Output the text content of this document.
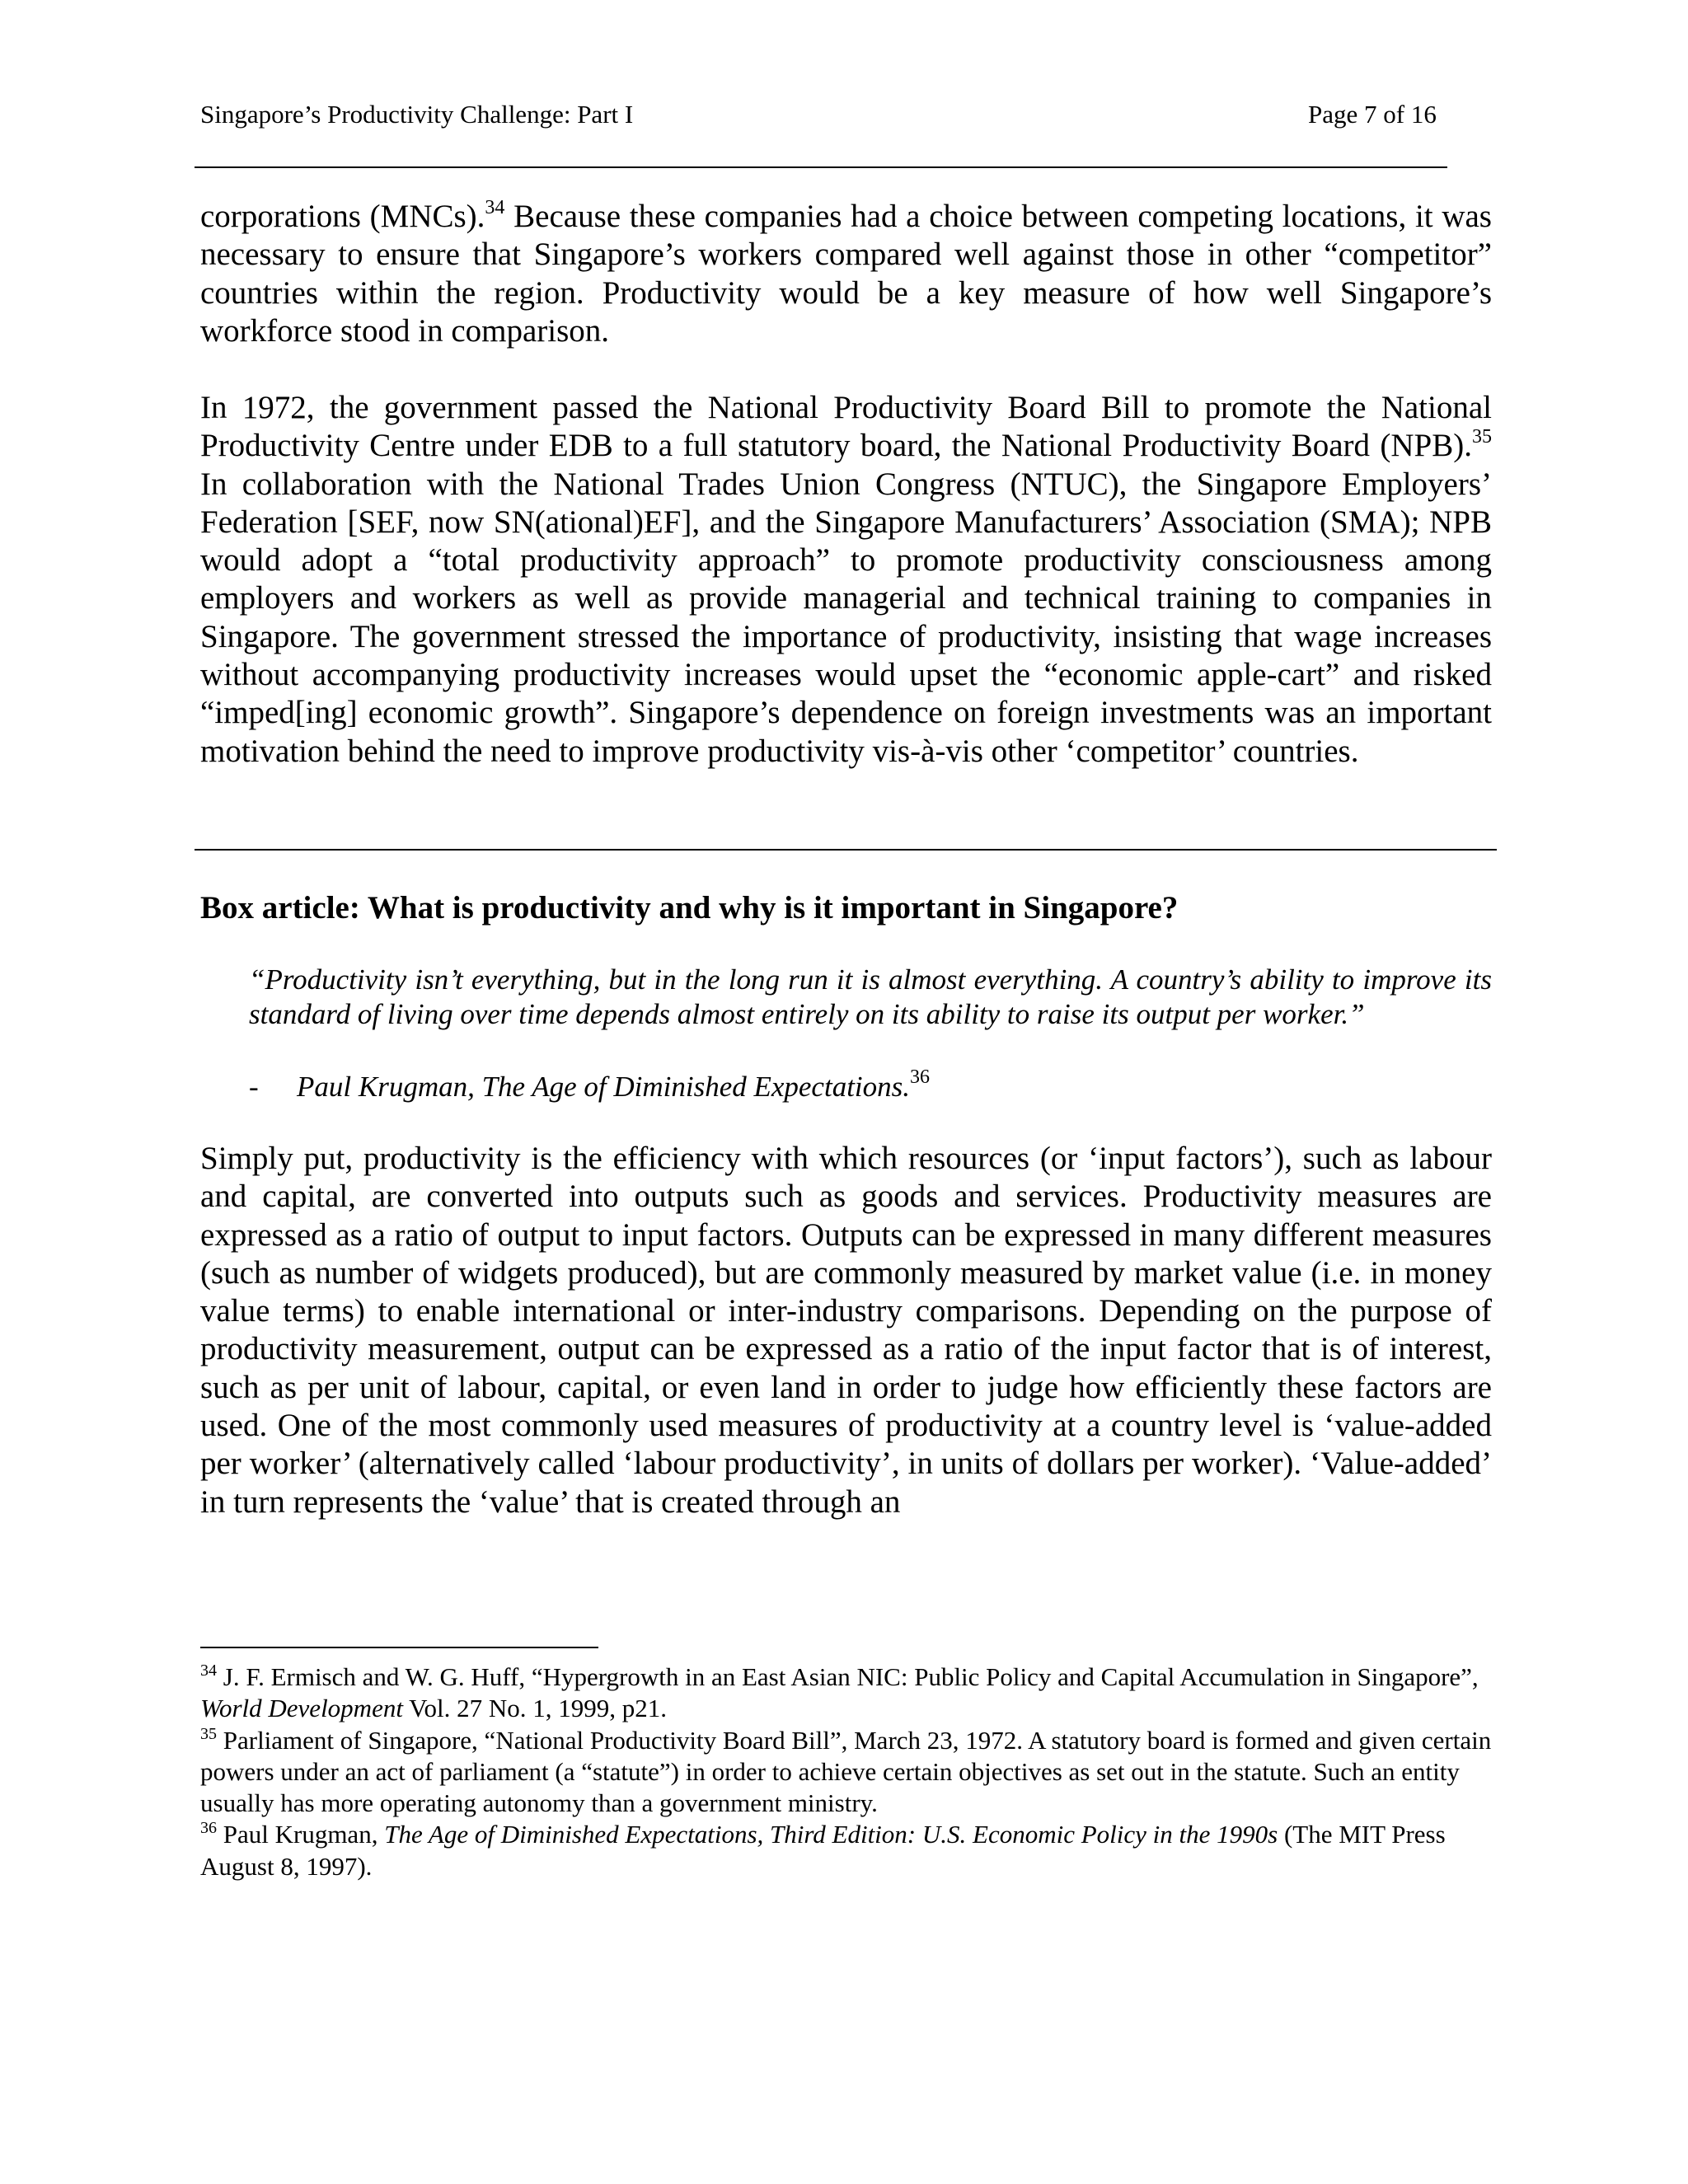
Singapore’s Productivity Challenge: Part I	Page 7 of 16

corporations (MNCs).$^{34}$ Because these companies had a choice between competing locations, it was necessary to ensure that Singapore’s workers compared well against those in other “competitor” countries within the region. Productivity would be a key measure of how well Singapore’s workforce stood in comparison.

In 1972, the government passed the National Productivity Board Bill to promote the National Productivity Centre under EDB to a full statutory board, the National Productivity Board (NPB).$^{35}$ In collaboration with the National Trades Union Congress (NTUC), the Singapore Employers’ Federation [SEF, now SN(ational)EF], and the Singapore Manufacturers’ Association (SMA); NPB would adopt a “total productivity approach” to promote productivity consciousness among employers and workers as well as provide managerial and technical training to companies in Singapore. The government stressed the importance of productivity, insisting that wage increases without accompanying productivity increases would upset the “economic apple-cart” and risked “imped[ing] economic growth”. Singapore’s dependence on foreign investments was an important motivation behind the need to improve productivity vis-à-vis other ‘competitor’ countries.

Box article: What is productivity and why is it important in Singapore?

“Productivity isn’t everything, but in the long run it is almost everything. A country’s ability to improve its standard of living over time depends almost entirely on its ability to raise its output per worker.”

- Paul Krugman, The Age of Diminished Expectations.$^{36}$

Simply put, productivity is the efficiency with which resources (or ‘input factors’), such as labour and capital, are converted into outputs such as goods and services. Productivity measures are expressed as a ratio of output to input factors. Outputs can be expressed in many different measures (such as number of widgets produced), but are commonly measured by market value (i.e. in money value terms) to enable international or inter-industry comparisons. Depending on the purpose of productivity measurement, output can be expressed as a ratio of the input factor that is of interest, such as per unit of labour, capital, or even land in order to judge how efficiently these factors are used. One of the most commonly used measures of productivity at a country level is ‘value-added per worker’ (alternatively called ‘labour productivity’, in units of dollars per worker). ‘Value-added’ in turn represents the ‘value’ that is created through an

$^{34}$ J. F. Ermisch and W. G. Huff, “Hypergrowth in an East Asian NIC: Public Policy and Capital Accumulation in Singapore”, World Development Vol. 27 No. 1, 1999, p21.

$^{35}$ Parliament of Singapore, “National Productivity Board Bill”, March 23, 1972. A statutory board is formed and given certain powers under an act of parliament (a “statute”) in order to achieve certain objectives as set out in the statute. Such an entity usually has more operating autonomy than a government ministry.

$^{36}$ Paul Krugman, The Age of Diminished Expectations, Third Edition: U.S. Economic Policy in the 1990s (The MIT Press August 8, 1997).
